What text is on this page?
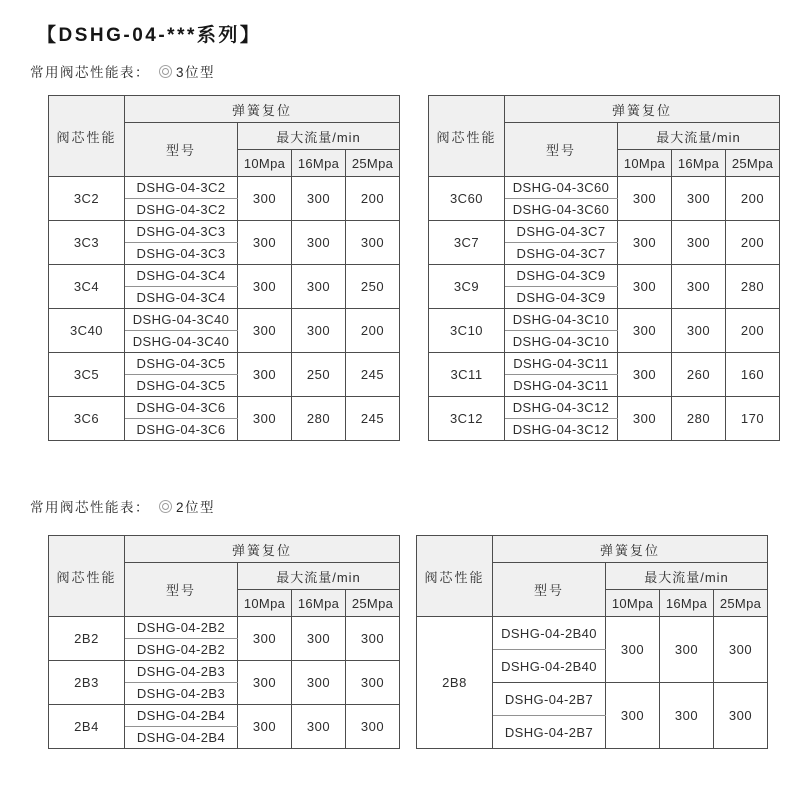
【DSHG-04-***系列】
常用阀芯性能表： 3位型
阀芯性能	弹簧复位			
	型号	最大流量/min		
		10Mpa	16Mpa	25Mpa
3C2	DSHG-04-3C2	300	300	200
	DSHG-04-3C2			
3C3	DSHG-04-3C3	300	300	300
	DSHG-04-3C3			
3C4	DSHG-04-3C4	300	300	250
	DSHG-04-3C4			
3C40	DSHG-04-3C40	300	300	200
	DSHG-04-3C40			
3C5	DSHG-04-3C5	300	250	245
	DSHG-04-3C5			
3C6	DSHG-04-3C6	300	280	245
	DSHG-04-3C6			
阀芯性能	弹簧复位			
	型号	最大流量/min		
		10Mpa	16Mpa	25Mpa
3C60	DSHG-04-3C60	300	300	200
	DSHG-04-3C60			
3C7	DSHG-04-3C7	300	300	200
	DSHG-04-3C7			
3C9	DSHG-04-3C9	300	300	280
	DSHG-04-3C9			
3C10	DSHG-04-3C10	300	300	200
	DSHG-04-3C10			
3C11	DSHG-04-3C11	300	260	160
	DSHG-04-3C11			
3C12	DSHG-04-3C12	300	280	170
	DSHG-04-3C12			
常用阀芯性能表： 2位型
阀芯性能	弹簧复位			
	型号	最大流量/min		
		10Mpa	16Mpa	25Mpa
2B2	DSHG-04-2B2	300	300	300
	DSHG-04-2B2			
2B3	DSHG-04-2B3	300	300	300
	DSHG-04-2B3			
2B4	DSHG-04-2B4	300	300	300
	DSHG-04-2B4			
阀芯性能	弹簧复位			
	型号	最大流量/min		
		10Mpa	16Mpa	25Mpa
2B8	DSHG-04-2B40	300	300	300
	DSHG-04-2B40			
	DSHG-04-2B7	300	300	300
	DSHG-04-2B7			
